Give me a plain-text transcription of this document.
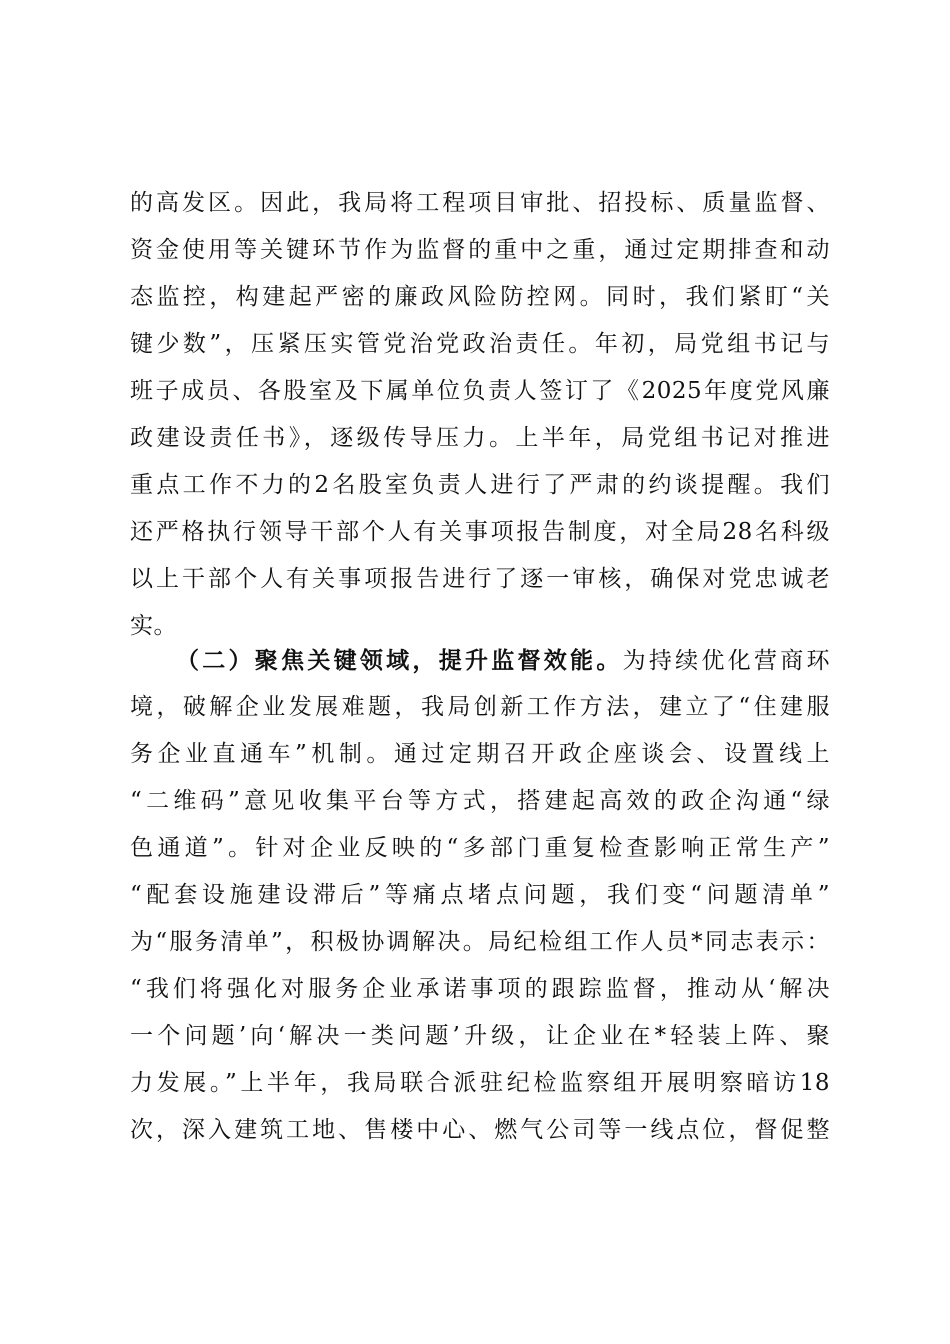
的高发区。因此，我局将工程项目审批、招投标、质量监督、
资金使用等关键环节作为监督的重中之重，通过定期排查和动
态监控，构建起严密的廉政风险防控网。同时，我们紧盯“关
键少数”，压紧压实管党治党政治责任。年初，局党组书记与
班子成员、各股室及下属单位负责人签订了《2025年度党风廉
政建设责任书》，逐级传导压力。上半年，局党组书记对推进
重点工作不力的2名股室负责人进行了严肃的约谈提醒。我们
还严格执行领导干部个人有关事项报告制度，对全局28名科级
以上干部个人有关事项报告进行了逐一审核，确保对党忠诚老
实。
（二）聚焦关键领域，提升监督效能。为持续优化营商环
境，破解企业发展难题，我局创新工作方法，建立了“住建服
务企业直通车”机制。通过定期召开政企座谈会、设置线上
“二维码”意见收集平台等方式，搭建起高效的政企沟通“绿
色通道”。针对企业反映的“多部门重复检查影响正常生产”
“配套设施建设滞后”等痛点堵点问题，我们变“问题清单”
为“服务清单”，积极协调解决。局纪检组工作人员*同志表示：
“我们将强化对服务企业承诺事项的跟踪监督，推动从‘解决
一个问题’向‘解决一类问题’升级，让企业在*轻装上阵、聚
力发展。”上半年，我局联合派驻纪检监察组开展明察暗访18
次，深入建筑工地、售楼中心、燃气公司等一线点位，督促整
